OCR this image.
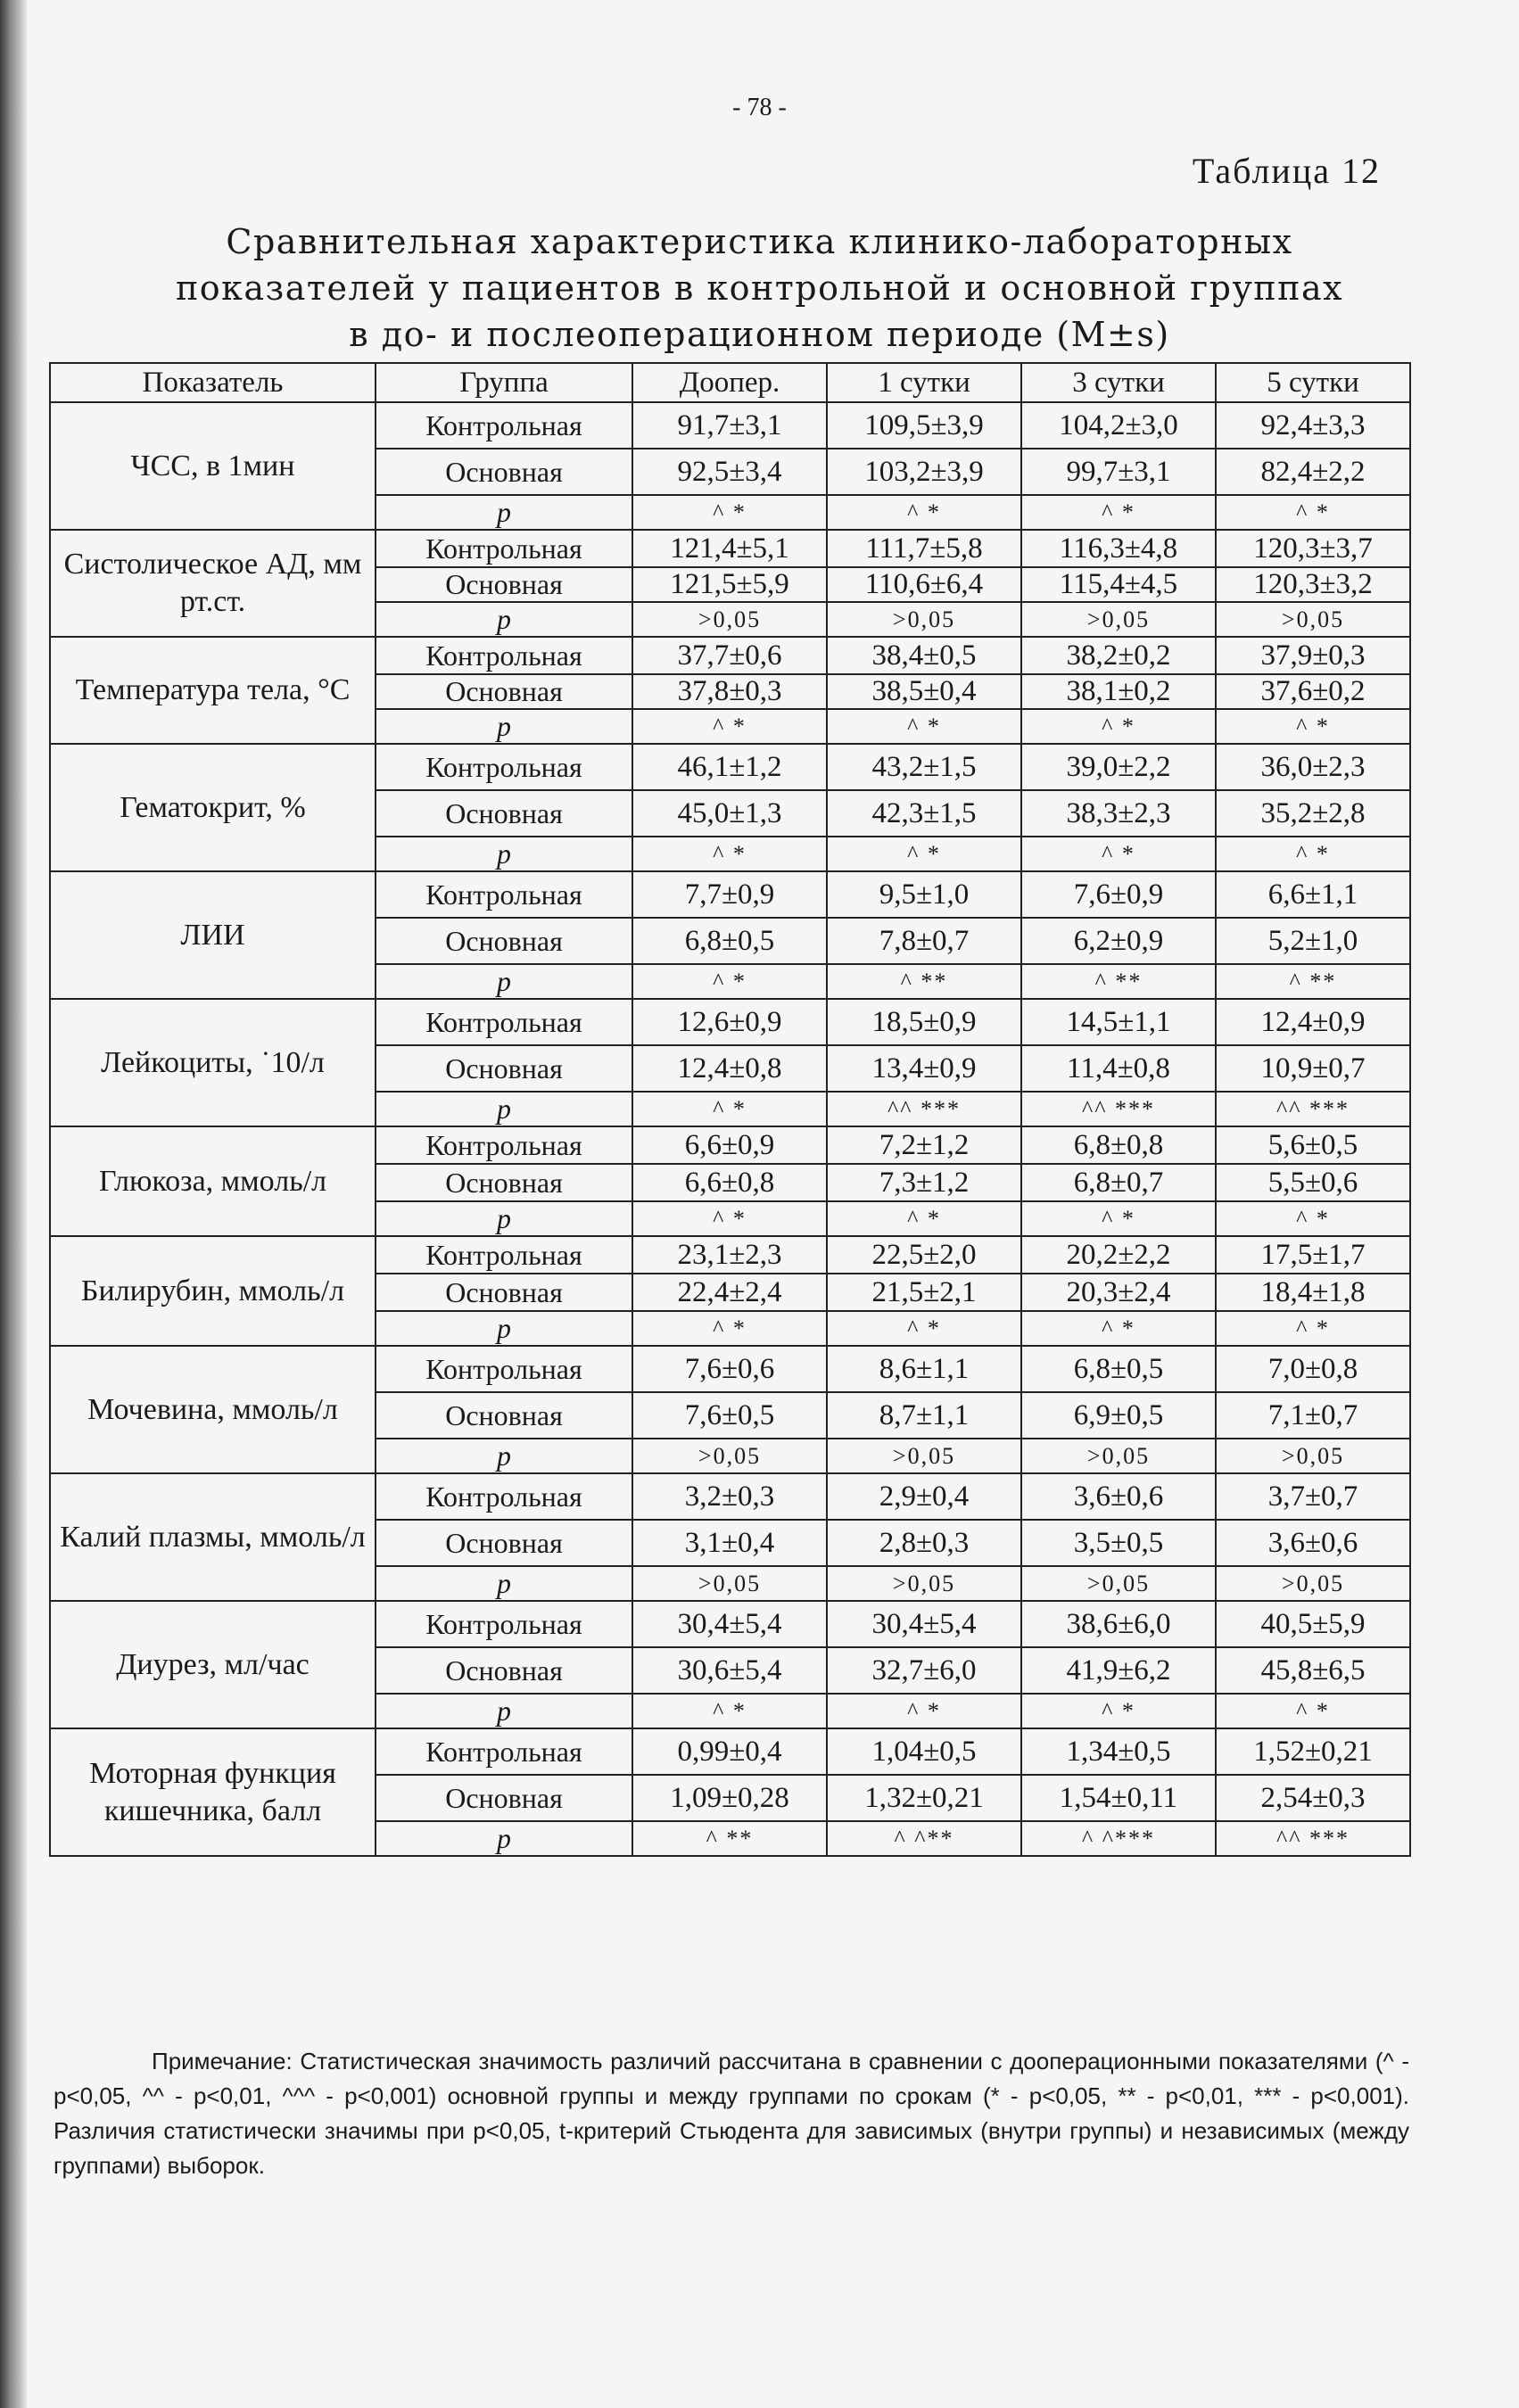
- 78 -
Таблица 12
Сравнительная характеристика клинико-лабораторных
показателей у пациентов в контрольной и основной группах
в до- и послеоперационном периоде (M±s)
Показатель	Группа	Доопер.	1 сутки	3 сутки	5 сутки
ЧСС, в 1мин	Контрольная	91,7±3,1	109,5±3,9	104,2±3,0	92,4±3,3
	Основная	92,5±3,4	103,2±3,9	99,7±3,1	82,4±2,2
	p	^ *	^ *	^ *	^ *
Систолическое АД, мм рт.ст.	Контрольная	121,4±5,1	111,7±5,8	116,3±4,8	120,3±3,7
	Основная	121,5±5,9	110,6±6,4	115,4±4,5	120,3±3,2
	p	>0,05	>0,05	>0,05	>0,05
Температура тела, °С	Контрольная	37,7±0,6	38,4±0,5	38,2±0,2	37,9±0,3
	Основная	37,8±0,3	38,5±0,4	38,1±0,2	37,6±0,2
	p	^ *	^ *	^ *	^ *
Гематокрит, %	Контрольная	46,1±1,2	43,2±1,5	39,0±2,2	36,0±2,3
	Основная	45,0±1,3	42,3±1,5	38,3±2,3	35,2±2,8
	p	^ *	^ *	^ *	^ *
ЛИИ	Контрольная	7,7±0,9	9,5±1,0	7,6±0,9	6,6±1,1
	Основная	6,8±0,5	7,8±0,7	6,2±0,9	5,2±1,0
	p	^ *	^ **	^ **	^ **
Лейкоциты, ˙10/л	Контрольная	12,6±0,9	18,5±0,9	14,5±1,1	12,4±0,9
	Основная	12,4±0,8	13,4±0,9	11,4±0,8	10,9±0,7
	p	^ *	^^ ***	^^ ***	^^ ***
Глюкоза, ммоль/л	Контрольная	6,6±0,9	7,2±1,2	6,8±0,8	5,6±0,5
	Основная	6,6±0,8	7,3±1,2	6,8±0,7	5,5±0,6
	p	^ *	^ *	^ *	^ *
Билирубин, ммоль/л	Контрольная	23,1±2,3	22,5±2,0	20,2±2,2	17,5±1,7
	Основная	22,4±2,4	21,5±2,1	20,3±2,4	18,4±1,8
	p	^ *	^ *	^ *	^ *
Мочевина, ммоль/л	Контрольная	7,6±0,6	8,6±1,1	6,8±0,5	7,0±0,8
	Основная	7,6±0,5	8,7±1,1	6,9±0,5	7,1±0,7
	p	>0,05	>0,05	>0,05	>0,05
Калий плазмы, ммоль/л	Контрольная	3,2±0,3	2,9±0,4	3,6±0,6	3,7±0,7
	Основная	3,1±0,4	2,8±0,3	3,5±0,5	3,6±0,6
	p	>0,05	>0,05	>0,05	>0,05
Диурез, мл/час	Контрольная	30,4±5,4	30,4±5,4	38,6±6,0	40,5±5,9
	Основная	30,6±5,4	32,7±6,0	41,9±6,2	45,8±6,5
	p	^ *	^ *	^ *	^ *
Моторная функция кишечника, балл	Контрольная	0,99±0,4	1,04±0,5	1,34±0,5	1,52±0,21
	Основная	1,09±0,28	1,32±0,21	1,54±0,11	2,54±0,3
	p	^ **	^ ^**	^ ^***	^^ ***
Примечание: Статистическая значимость различий рассчитана в сравнении с дооперационными показателями (^ - p<0,05, ^^ - p<0,01, ^^^ - p<0,001) основной группы и между группами по срокам (* - p<0,05, ** - p<0,01, *** - p<0,001). Различия статистически значимы при p<0,05, t-критерий Стьюдента для зависимых (внутри группы) и независимых (между группами) выборок.
